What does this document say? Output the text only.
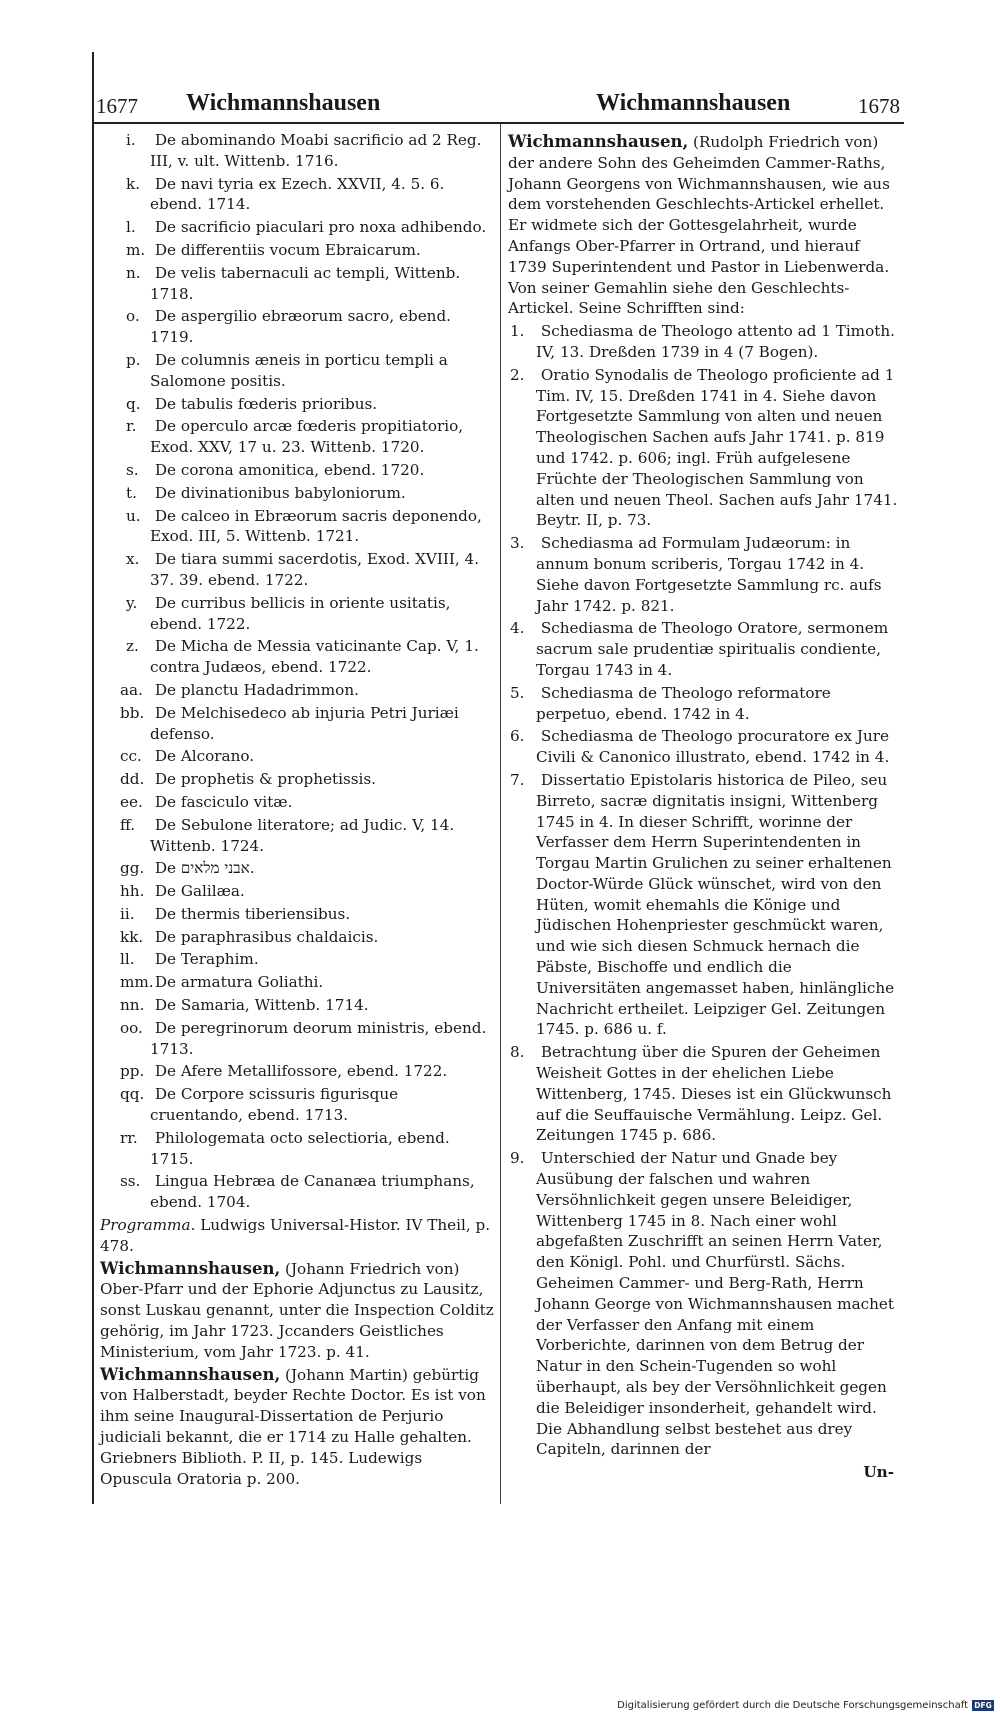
1677 Wichmannshausen	Wichmannshausen	1678
i. De abominando Moabi sacrificio ad 2 Reg. III, v. ult. Wittenb. 1716.
k. De navi tyria ex Ezech. XXVII, 4. 5. 6. ebend. 1714.
l. De sacrificio piaculari pro noxa adhibendo.
m. De differentiis vocum Ebraicarum.
n. De velis tabernaculi ac templi, Wittenb. 1718.
o. De aspergilio ebræorum sacro, ebend. 1719.
p. De columnis æneis in porticu templi a Salomone positis.
q. De tabulis fœderis prioribus.
r. De operculo arcæ fœderis propitiatorio, Exod. XXV, 17 u. 23. Wittenb. 1720.
s. De corona amonitica, ebend. 1720.
t. De divinationibus babyloniorum.
u. De calceo in Ebræorum sacris deponendo, Exod. III, 5. Wittenb. 1721.
x. De tiara summi sacerdotis, Exod. XVIII, 4. 37. 39. ebend. 1722.
y. De curribus bellicis in oriente usitatis, ebend. 1722.
z. De Micha de Messia vaticinante Cap. V, 1. contra Judæos, ebend. 1722.
aa. De planctu Hadadrimmon.
bb. De Melchisedeco ab injuria Petri Juriæi defenso.
cc. De Alcorano.
dd. De prophetis & prophetissis.
ee. De fasciculo vitæ.
ff. De Sebulone literatore; ad Judic. V, 14. Wittenb. 1724.
gg. De אבני מלאים.
hh. De Galilæa.
ii. De thermis tiberiensibus.
kk. De paraphrasibus chaldaicis.
ll. De Teraphim.
mm. De armatura Goliathi.
nn. De Samaria, Wittenb. 1714.
oo. De peregrinorum deorum ministris, ebend. 1713.
pp. De Afere Metallifossore, ebend. 1722.
qq. De Corpore scissuris figurisque cruentando, ebend. 1713.
rr. Philologemata octo selectioria, ebend. 1715.
ss. Lingua Hebræa de Cananæa triumphans, ebend. 1704.
Programma. Ludwigs Universal-Histor. IV Theil, p. 478.
Wichmannshausen, (Johann Friedrich von) Ober-Pfarr und der Ephorie Adjunctus zu Lausitz, sonst Luskau genannt, unter die Inspection Colditz gehörig, im Jahr 1723. Jccanders Geistliches Ministerium, vom Jahr 1723. p. 41.
Wichmannshausen, (Johann Martin) gebürtig von Halberstadt, beyder Rechte Doctor. Es ist von ihm seine Inaugural-Dissertation de Perjurio judiciali bekannt, die er 1714 zu Halle gehalten. Griebners Biblioth. P. II, p. 145. Ludewigs Opuscula Oratoria p. 200.
Wichmannshausen, (Rudolph Friedrich von) der andere Sohn des Geheimden Cammer-Raths, Johann Georgens von Wichmannshausen, wie aus dem vorstehenden Geschlechts-Artickel erhellet. Er widmete sich der Gottesgelahrheit, wurde Anfangs Ober-Pfarrer in Ortrand, und hierauf 1739 Superintendent und Pastor in Liebenwerda. Von seiner Gemahlin siehe den Geschlechts-Artickel. Seine Schrifften sind:
1. Schediasma de Theologo attento ad 1 Timoth. IV, 13. Dreßden 1739 in 4 (7 Bogen).
2. Oratio Synodalis de Theologo proficiente ad 1 Tim. IV, 15. Dreßden 1741 in 4. Siehe davon Fortgesetzte Sammlung von alten und neuen Theologischen Sachen aufs Jahr 1741. p. 819 und 1742. p. 606; ingl. Früh aufgelesene Früchte der Theologischen Sammlung von alten und neuen Theol. Sachen aufs Jahr 1741. Beytr. II, p. 73.
3. Schediasma ad Formulam Judæorum: in annum bonum scriberis, Torgau 1742 in 4. Siehe davon Fortgesetzte Sammlung rc. aufs Jahr 1742. p. 821.
4. Schediasma de Theologo Oratore, sermonem sacrum sale prudentiæ spiritualis condiente, Torgau 1743 in 4.
5. Schediasma de Theologo reformatore perpetuo, ebend. 1742 in 4.
6. Schediasma de Theologo procuratore ex Jure Civili & Canonico illustrato, ebend. 1742 in 4.
7. Dissertatio Epistolaris historica de Pileo, seu Birreto, sacræ dignitatis insigni, Wittenberg 1745 in 4. In dieser Schrifft, worinne der Verfasser dem Herrn Superintendenten in Torgau Martin Grulichen zu seiner erhaltenen Doctor-Würde Glück wünschet, wird von den Hüten, womit ehemahls die Könige und Jüdischen Hohenpriester geschmückt waren, und wie sich diesen Schmuck hernach die Päbste, Bischoffe und endlich die Universitäten angemasset haben, hinlängliche Nachricht ertheilet. Leipziger Gel. Zeitungen 1745. p. 686 u. f.
8. Betrachtung über die Spuren der Geheimen Weisheit Gottes in der ehelichen Liebe Wittenberg, 1745. Dieses ist ein Glückwunsch auf die Seuffauische Vermählung. Leipz. Gel. Zeitungen 1745 p. 686.
9. Unterschied der Natur und Gnade bey Ausübung der falschen und wahren Versöhnlichkeit gegen unsere Beleidiger, Wittenberg 1745 in 8. Nach einer wohl abgefaßten Zuschrifft an seinen Herrn Vater, den Königl. Pohl. und Churfürstl. Sächs. Geheimen Cammer- und Berg-Rath, Herrn Johann George von Wichmannshausen machet der Verfasser den Anfang mit einem Vorberichte, darinnen von dem Betrug der Natur in den Schein-Tugenden so wohl überhaupt, als bey der Versöhnlichkeit gegen die Beleidiger insonderheit, gehandelt wird. Die Abhandlung selbst bestehet aus drey Capiteln, darinnen der
Un-
Digitalisierung gefördert durch die Deutsche Forschungsgemeinschaft DFG
